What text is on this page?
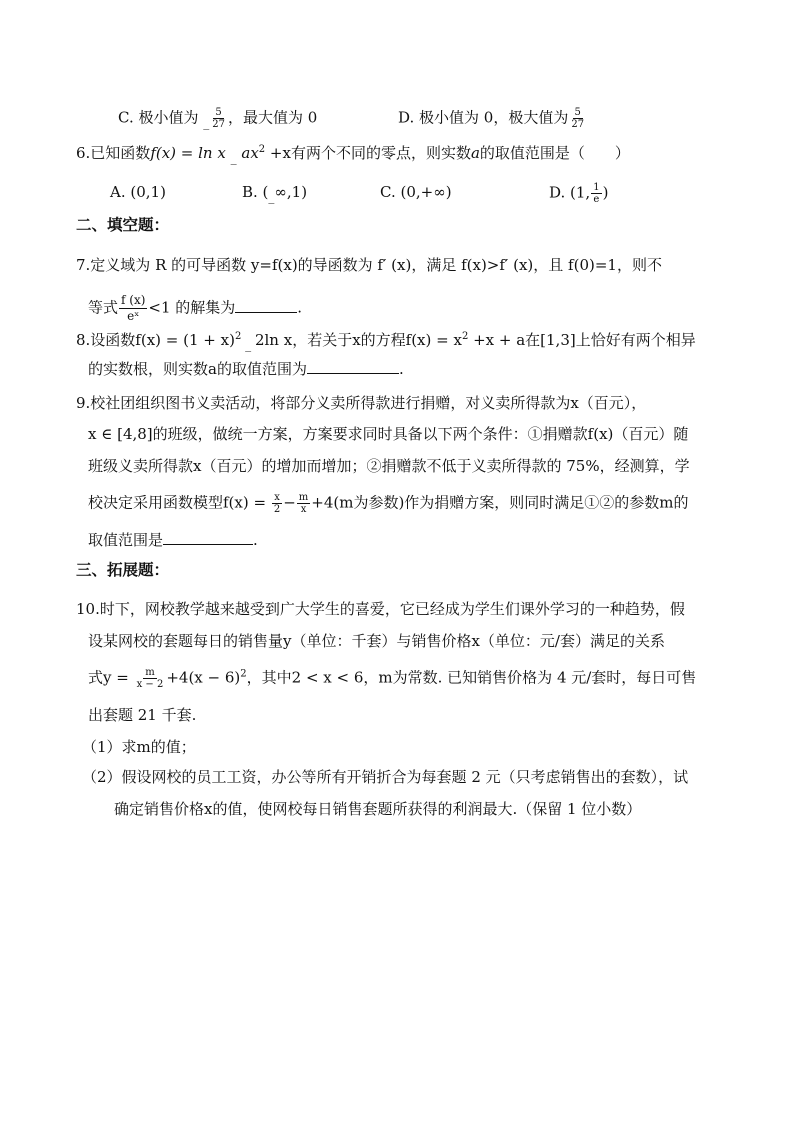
C. 极小值为 $_{\_} \frac{5}{27}$ ，最大值为 0	D. 极小值为 0，极大值为 $\frac{5}{27}$
6.已知函数f(x) = ln x $_{\_}$ $ax^2 +x$有两个不同的零点，则实数a的取值范围是（　　）
A. (0,1)	B. $(_{\_}\infty,1)$	C. (0,+∞)	D. (1, $\frac{1}{e}$ )
二、填空题：
7.定义域为 R 的可导函数 y=f(x)的导函数为 f′ (x)，满足 f(x)>f′ (x)，且 f(0)=1，则不
等式 $\frac{f (x)}{\text{eˣ}} <1$ 的解集为	.
8.设函数$f(x) = (1 + x)^2$ $_{\_}$ 2ln x，若关于x的方程$f(x) = x^2 +x + a$在[1,3]上恰好有两个相异
的实数根，则实数a的取值范围为	.
9.校社团组织图书义卖活动，将部分义卖所得款进行捐赠，对义卖所得款为x（百元），
x ∈ [4,8]的班级，做统一方案，方案要求同时具备以下两个条件：①捐赠款f(x)（百元）随
班级义卖所得款x（百元）的增加而增加；②捐赠款不低于义卖所得款的 75%，经测算，学
校决定采用函数模型$f(x) = \frac{x}{2} - \frac{m}{x} +4(m$为参数)作为捐赠方案，则同时满足①②的参数m的
取值范围是	.
三、拓展题：
10.时下，网校教学越来越受到广大学生的喜爱，它已经成为学生们课外学习的一种趋势，假
设某网校的套题每日的销售量y（单位：千套）与销售价格x（单位：元/套）满足的关系
式$y = \frac{m}{x - 2} +4(x - 6)^2$，其中2 < x < 6，m为常数. 已知销售价格为 4 元/套时，每日可售
出套题 21 千套.
（1）求m的值；
（2）假设网校的员工工资，办公等所有开销折合为每套题 2 元（只考虑销售出的套数），试
确定销售价格x的值，使网校每日销售套题所获得的利润最大.（保留 1 位小数）
